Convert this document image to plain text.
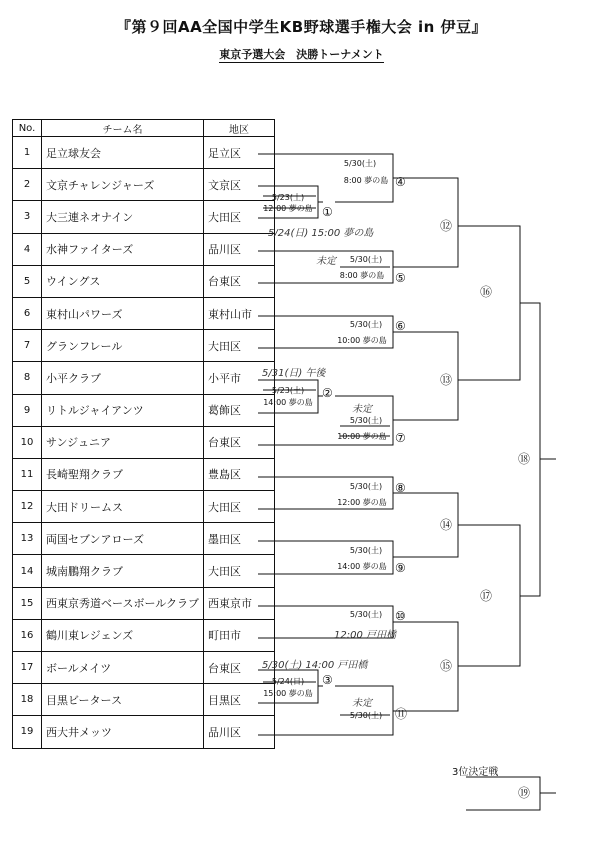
『第９回AA全国中学生KB野球選手権大会 in 伊豆』
東京予選大会　決勝トーナメント
No.	チーム名	地区
1	足立球友会	足立区
2	文京チャレンジャーズ	文京区
3	大三連ネオナイン	大田区
4	水神ファイターズ	品川区
5	ウイングス	台東区
6	東村山パワーズ	東村山市
7	グランフレール	大田区
8	小平クラブ	小平市
9	リトルジャイアンツ	葛飾区
10	サンジュニア	台東区
11	長崎聖翔クラブ	豊島区
12	大田ドリームス	大田区
13	両国セブンアローズ	墨田区
14	城南鵬翔クラブ	大田区
15	西東京秀道ベースボールクラブ	西東京市
16	鶴川東レジェンズ	町田市
17	ボールメイツ	台東区
18	目黒ビータース	目黒区
19	西大井メッツ	品川区
5/23(土)
12:00 夢の島 ①
5/30(土)
8:00 夢の島 ④
5/30(土)
8:00 夢の島 ⑤
⑫
5/30(土)
10:00 夢の島
⑥
5/23(土)
14:00 夢の島
②
5/30(土)
10:00 夢の島 ⑦
⑬
⑯
⑱
5/30(土)
12:00 夢の島
⑧
5/30(土)
14:00 夢の島 ⑨
⑭
⑰
5/30(土) ⑩
5/24(日)
15:00 夢の島
③
5/30(土) ⑪
⑮
3位決定戦
⑲
5/24(日) 15:00 夢の島
未定
5/31(日) 午後
未定
12:00 戸田橋
5/30(土) 14:00 戸田橋
未定
